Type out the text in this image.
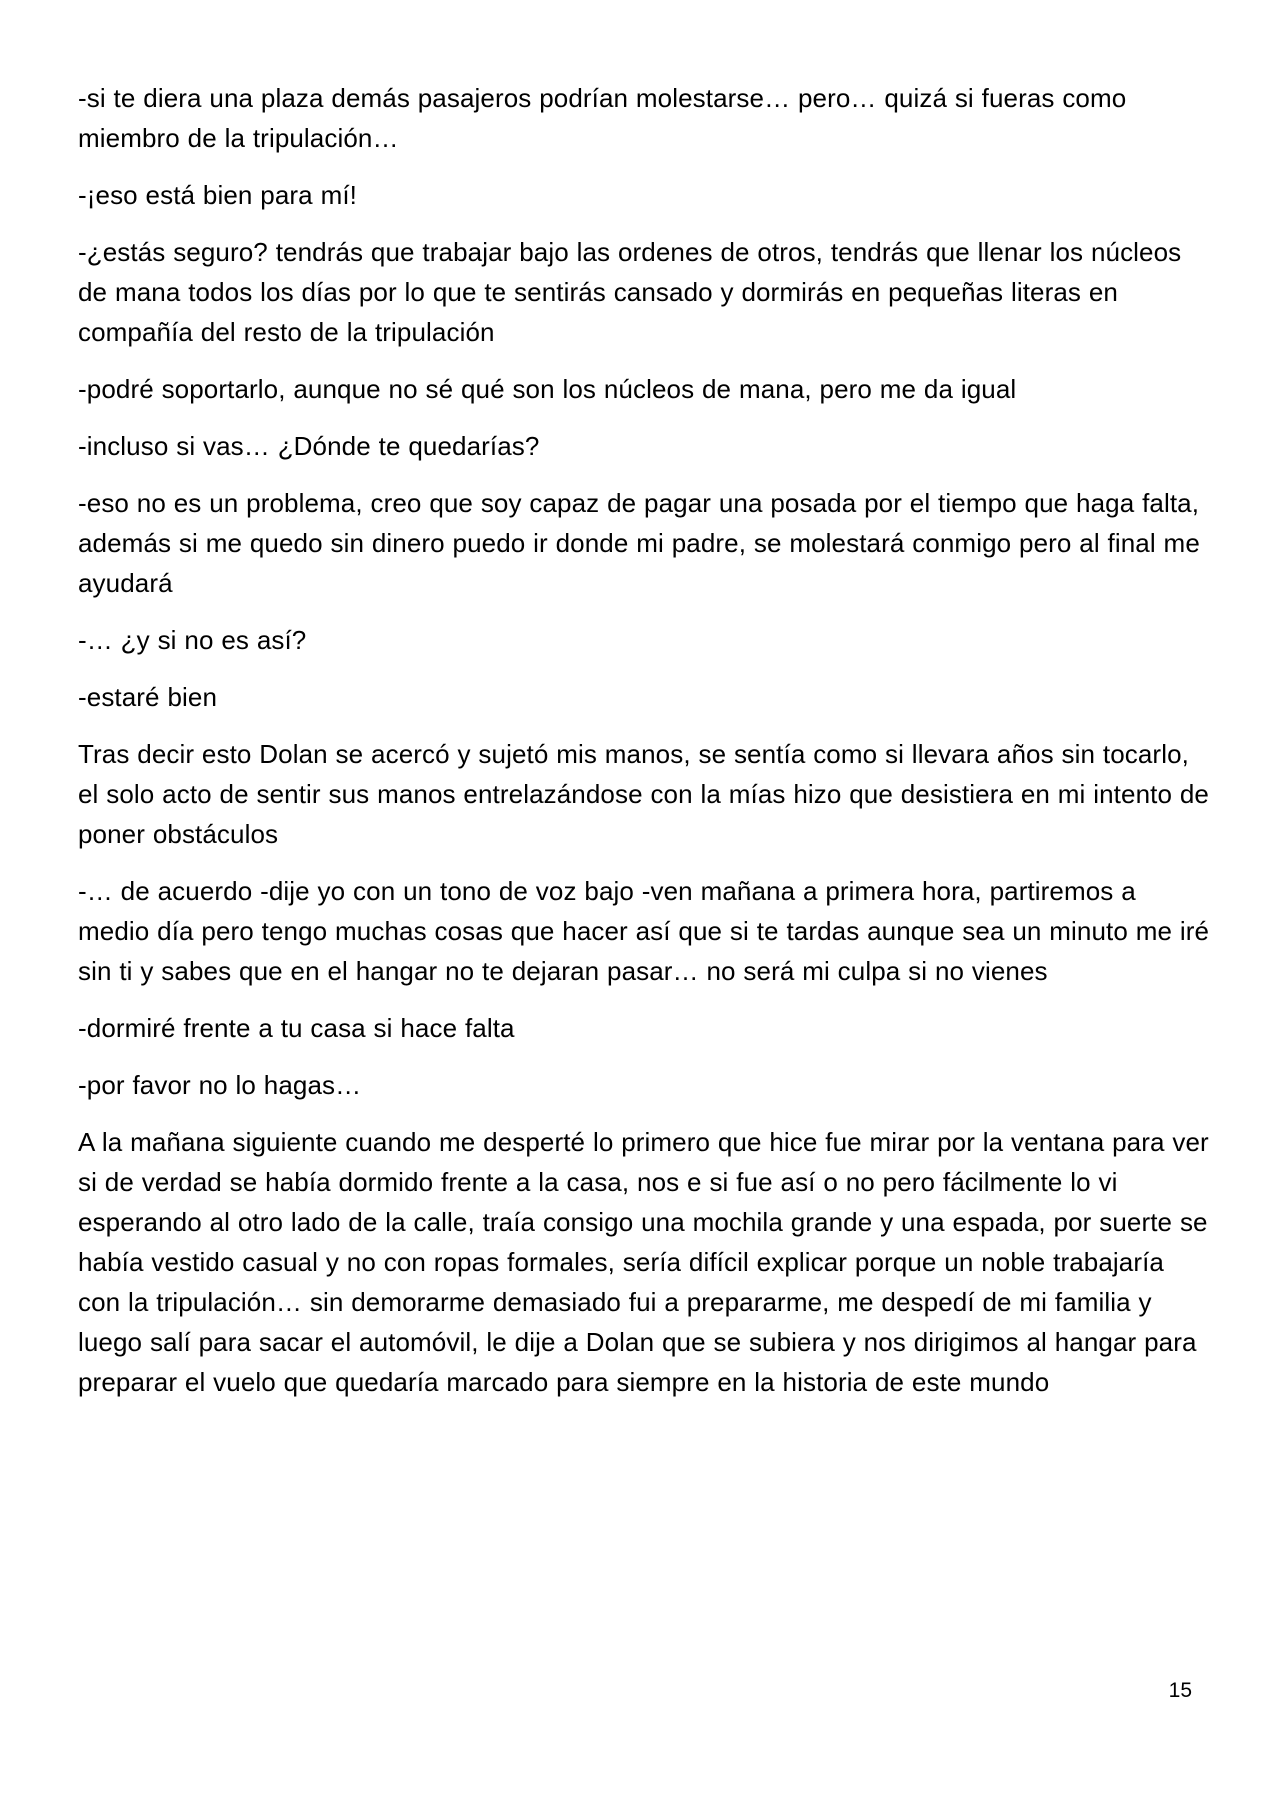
-si te diera una plaza demás pasajeros podrían molestarse… pero… quizá si fueras como miembro de la tripulación…

-¡eso está bien para mí!

-¿estás seguro? tendrás que trabajar bajo las ordenes de otros, tendrás que llenar los núcleos de mana todos los días por lo que te sentirás cansado y dormirás en pequeñas literas en compañía del resto de la tripulación

-podré soportarlo, aunque no sé qué son los núcleos de mana, pero me da igual

-incluso si vas… ¿Dónde te quedarías?

-eso no es un problema, creo que soy capaz de pagar una posada por el tiempo que haga falta, además si me quedo sin dinero puedo ir donde mi padre, se molestará conmigo pero al final me ayudará

-… ¿y si no es así?

-estaré bien

Tras decir esto Dolan se acercó y sujetó mis manos, se sentía como si llevara años sin tocarlo, el solo acto de sentir sus manos entrelazándose con la mías hizo que desistiera en mi intento de poner obstáculos

-… de acuerdo -dije yo con un tono de voz bajo -ven mañana a primera hora, partiremos a medio día pero tengo muchas cosas que hacer así que si te tardas aunque sea un minuto me iré sin ti y sabes que en el hangar no te dejaran pasar… no será mi culpa si no vienes

-dormiré frente a tu casa si hace falta

-por favor no lo hagas…

A la mañana siguiente cuando me desperté lo primero que hice fue mirar por la ventana para ver si de verdad se había dormido frente a la casa, nos e si fue así o no pero fácilmente lo vi esperando al otro lado de la calle, traía consigo una mochila grande y una espada, por suerte se había vestido casual y no con ropas formales, sería difícil explicar porque un noble trabajaría con la tripulación… sin demorarme demasiado fui a prepararme, me despedí de mi familia y luego salí para sacar el automóvil, le dije a Dolan que se subiera y nos dirigimos al hangar para preparar el vuelo que quedaría marcado para siempre en la historia de este mundo

15
